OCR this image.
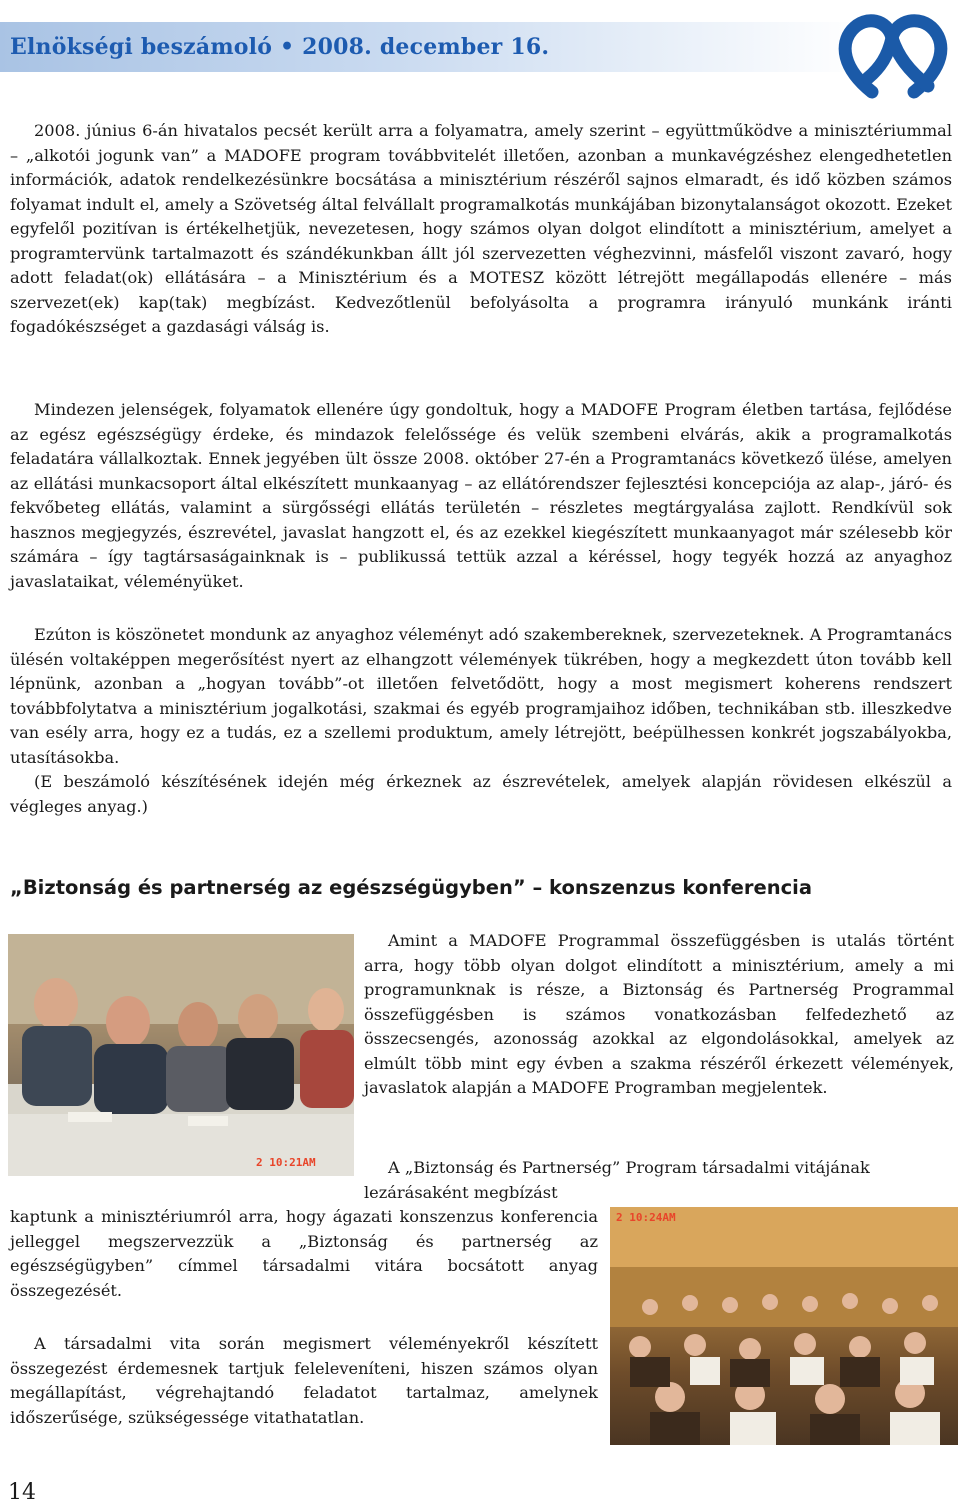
Elnökségi beszámoló • 2008. december 16.

2008. június 6-án hivatalos pecsét került arra a folyamatra, amely szerint – együttműködve a minisztériummal – „alkotói jogunk van” a MADOFE program továbbvitelét illetően, azonban a munkavégzéshez elengedhetetlen információk, adatok rendelkezésünkre bocsátása a minisztérium részéről sajnos elmaradt, és idő közben számos folyamat indult el, amely a Szövetség által felvállalt programalkotás munkájában bizonytalanságot okozott. Ezeket egyfelől pozitívan is értékelhetjük, nevezetesen, hogy számos olyan dolgot elindított a minisztérium, amelyet a programtervünk tartalmazott és szándékunkban állt jól szervezetten véghezvinni, másfelől viszont zavaró, hogy adott feladat(ok) ellátására – a Minisztérium és a MOTESZ között létrejött megállapodás ellenére – más szervezet(ek) kap(tak) megbízást. Kedvezőtlenül befolyásolta a programra irányuló munkánk iránti fogadókészséget a gazdasági válság is.

Mindezen jelenségek, folyamatok ellenére úgy gondoltuk, hogy a MADOFE Program életben tartása, fejlődése az egész egészségügy érdeke, és mindazok felelőssége és velük szembeni elvárás, akik a programalkotás feladatára vállalkoztak. Ennek jegyében ült össze 2008. október 27-én a Programtanács következő ülése, amelyen az ellátási munkacsoport által elkészített munkaanyag – az ellátórendszer fejlesztési koncepciója az alap-, járó- és fekvőbeteg ellátás, valamint a sürgősségi ellátás területén – részletes megtárgyalása zajlott. Rendkívül sok hasznos megjegyzés, észrevétel, javaslat hangzott el, és az ezekkel kiegészített munkaanyagot már szélesebb kör számára – így tagtársaságainknak is – publikussá tettük azzal a kéréssel, hogy tegyék hozzá az anyaghoz javaslataikat, véleményüket.

Ezúton is köszönetet mondunk az anyaghoz véleményt adó szakembereknek, szervezeteknek. A Programtanács ülésén voltaképpen megerősítést nyert az elhangzott vélemények tükrében, hogy a megkezdett úton tovább kell lépnünk, azonban a „hogyan tovább”-ot illetően felvetődött, hogy a most megismert koherens rendszert továbbfolytatva a minisztérium jogalkotási, szakmai és egyéb programjaihoz időben, technikában stb. illeszkedve van esély arra, hogy ez a tudás, ez a szellemi produktum, amely létrejött, beépülhessen konkrét jogszabályokba, utasításokba.

(E beszámoló készítésének idején még érkeznek az észrevételek, amelyek alapján rövidesen elkészül a végleges anyag.)

„Biztonság és partnerség az egészségügyben” – konszenzus konferencia
2 10:21AM

Amint a MADOFE Programmal összefüggésben is utalás történt arra, hogy több olyan dolgot elindított a minisztérium, amely a mi programunknak is része, a Biztonság és Partnerség Programmal összefüggésben is számos vonatkozásban felfedezhető az összecsengés, azonosság azokkal az elgondolásokkal, amelyek az elmúlt több mint egy évben a szakma részéről érkezett vélemények, javaslatok alapján a MADOFE Programban megjelentek.

A „Biztonság és Partnerség” Program társadalmi vitájának lezárásaként megbízást

kaptunk a minisztériumról arra, hogy ágazati konszenzus konferencia jelleggel megszervezzük a „Biztonság és partnerség az egészségügyben” címmel társadalmi vitára bocsátott anyag összegezését.

2 10:24AM

A társadalmi vita során megismert véleményekről készített összegezést érdemesnek tartjuk feleleveníteni, hiszen számos olyan megállapítást, végrehajtandó feladatot tartalmaz, amelynek időszerűsége, szükségessége vitathatatlan.

14
